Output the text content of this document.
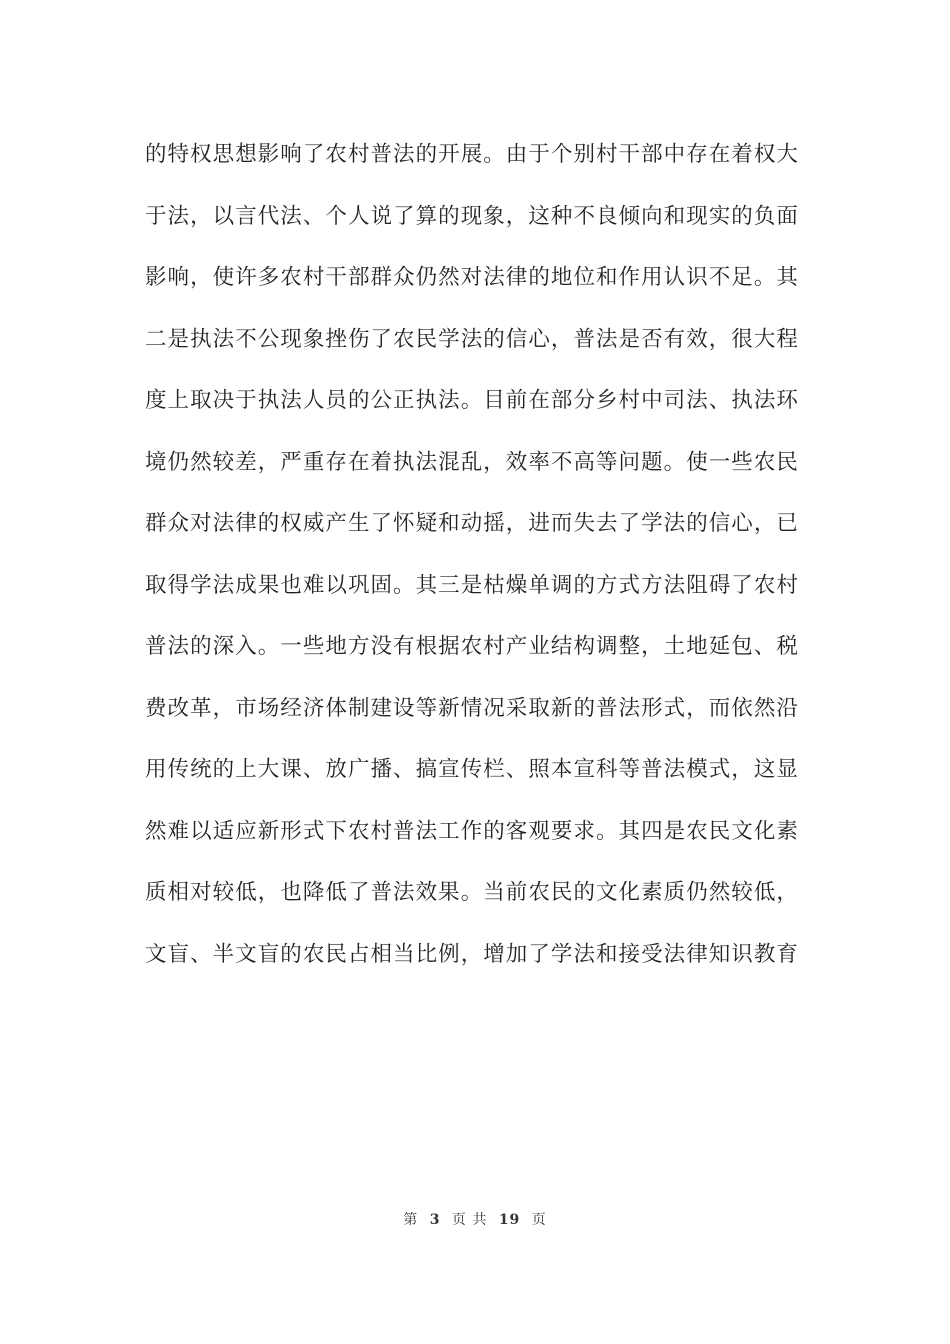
的特权思想影响了农村普法的开展。由于个别村干部中存在着权大
于法，以言代法、个人说了算的现象，这种不良倾向和现实的负面
影响，使许多农村干部群众仍然对法律的地位和作用认识不足。其
二是执法不公现象挫伤了农民学法的信心，普法是否有效，很大程
度上取决于执法人员的公正执法。目前在部分乡村中司法、执法环
境仍然较差，严重存在着执法混乱，效率不高等问题。使一些农民
群众对法律的权威产生了怀疑和动摇，进而失去了学法的信心，已
取得学法成果也难以巩固。其三是枯燥单调的方式方法阻碍了农村
普法的深入。一些地方没有根据农村产业结构调整，土地延包、税
费改革，市场经济体制建设等新情况采取新的普法形式，而依然沿
用传统的上大课、放广播、搞宣传栏、照本宣科等普法模式，这显
然难以适应新形式下农村普法工作的客观要求。其四是农民文化素
质相对较低，也降低了普法效果。当前农民的文化素质仍然较低，
文盲、半文盲的农民占相当比例，增加了学法和接受法律知识教育
第 3 页 共 19 页
